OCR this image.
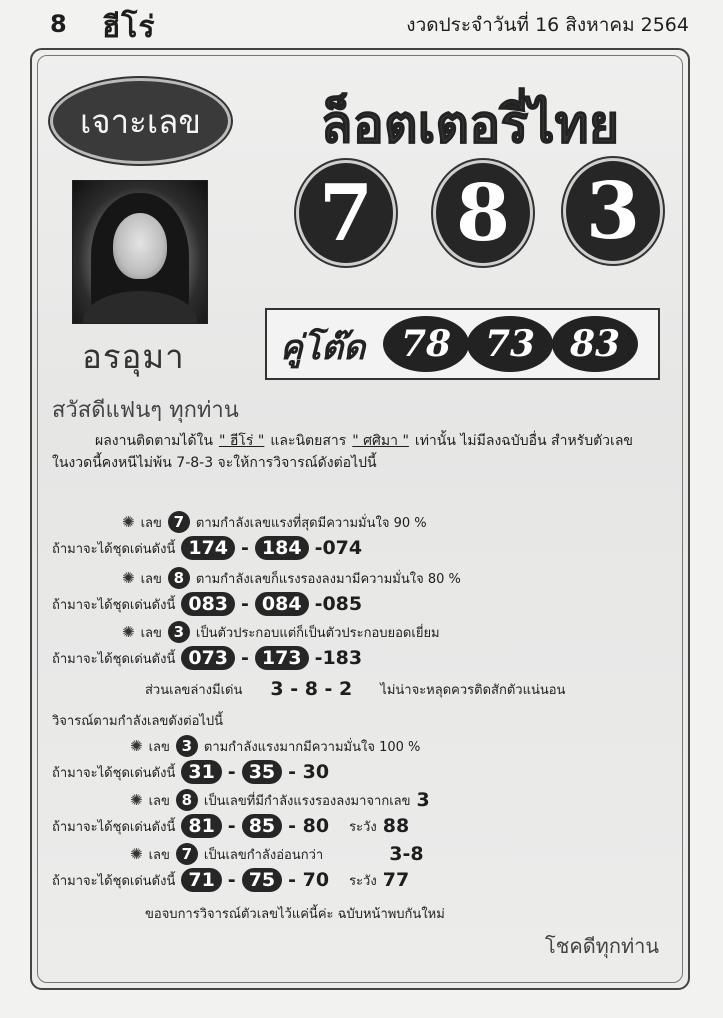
8 ฮีโร่	งวดประจำวันที่ 16 สิงหาคม 2564
เจาะเลข	ล็อตเตอรี่ไทย
7 8 3
อรอุมา	คู่โต๊ด 78 73 83
สวัสดีแฟนๆ ทุกท่าน
ผลงานติดตามได้ใน " ฮีโร่ " และนิตยสาร " ศศิมา " เท่านั้น ไม่มีลงฉบับอื่น สำหรับตัวเลข
ในงวดนี้คงหนีไม่พ้น 7-8-3 จะให้การวิจารณ์ดังต่อไปนี้
✺ เลข 7 ตามกำลังเลขแรงที่สุดมีความมั่นใจ 90 %
ถ้ามาจะได้ชุดเด่นดังนี้ 174 - 184 -074
✺ เลข 8 ตามกำลังเลขก็แรงรองลงมามีความมั่นใจ 80 %
ถ้ามาจะได้ชุดเด่นดังนี้ 083 - 084 -085
✺ เลข 3 เป็นตัวประกอบแต่ก็เป็นตัวประกอบยอดเยี่ยม
ถ้ามาจะได้ชุดเด่นดังนี้ 073 - 173 -183
ส่วนเลขล่างมีเด่น 3 - 8 - 2 ไม่น่าจะหลุดควรติดสักตัวแน่นอน
วิจารณ์ตามกำลังเลขดังต่อไปนี้
✺ เลข 3 ตามกำลังแรงมากมีความมั่นใจ 100 %
ถ้ามาจะได้ชุดเด่นดังนี้ 31 - 35 - 30
✺ เลข 8 เป็นเลขที่มีกำลังแรงรองลงมาจากเลข 3
ถ้ามาจะได้ชุดเด่นดังนี้ 81 - 85 - 80 ระวัง 88
✺ เลข 7 เป็นเลขกำลังอ่อนกว่า	3-8
ถ้ามาจะได้ชุดเด่นดังนี้ 71 - 75 - 70 ระวัง 77
ขอจบการวิจารณ์ตัวเลขไว้แค่นี้ค่ะ ฉบับหน้าพบกันใหม่
โชคดีทุกท่าน
